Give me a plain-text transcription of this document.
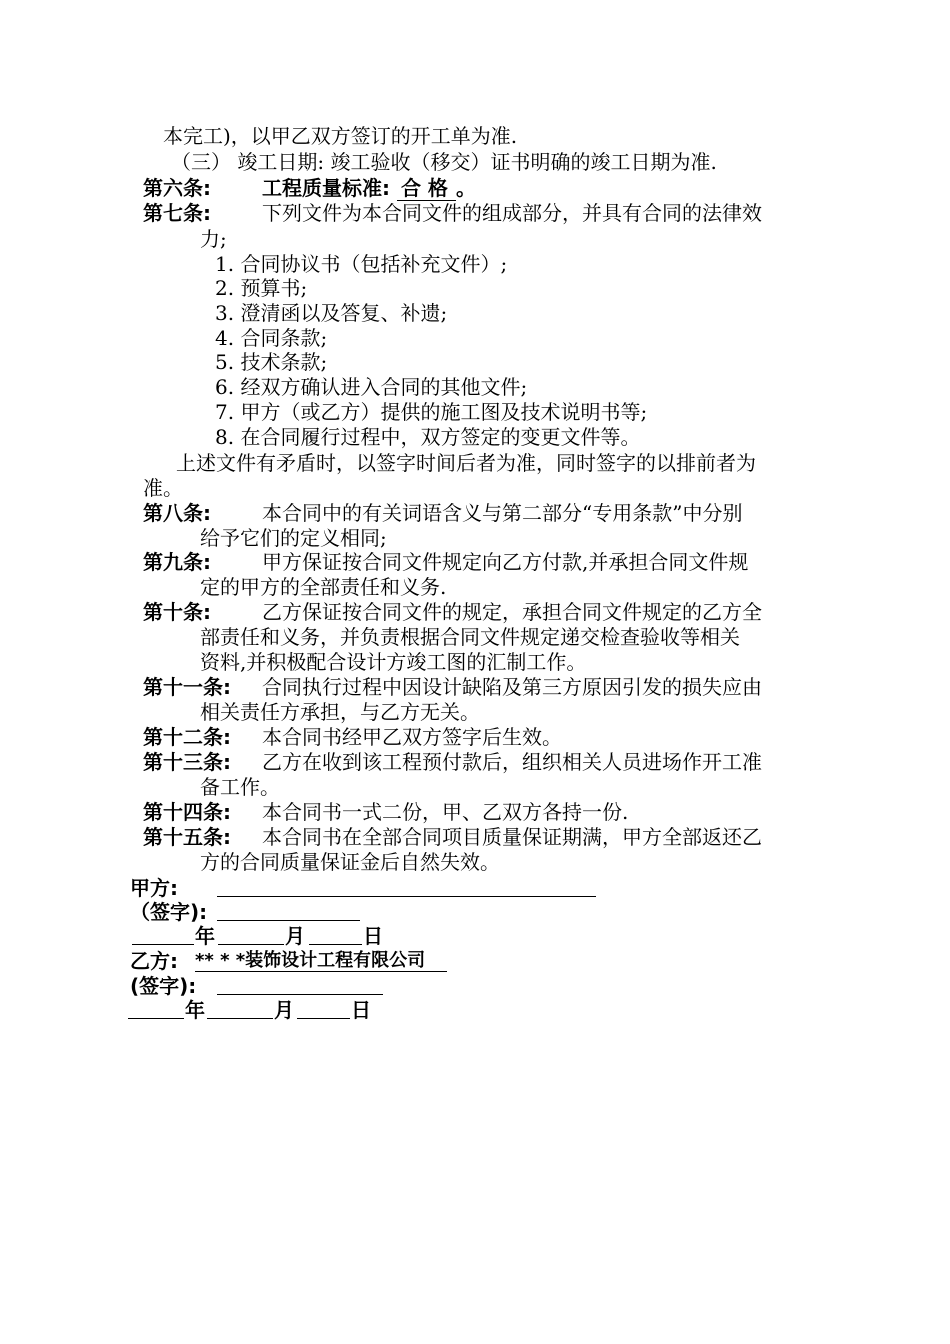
本完工)，以甲乙双方签订的开工单为准.
（三） 竣工日期: 竣工验收（移交）证书明确的竣工日期为准.
第六条:	工程质量标准: 合 格 。
第七条:	下列文件为本合同文件的组成部分，并具有合同的法律效
力;
1. 合同协议书（包括补充文件）;
2. 预算书;
3. 澄清函以及答复、补遗;
4. 合同条款;
5. 技术条款;
6. 经双方确认进入合同的其他文件;
7. 甲方（或乙方）提供的施工图及技术说明书等;
8. 在合同履行过程中，双方签定的变更文件等。
上述文件有矛盾时，以签字时间后者为准，同时签字的以排前者为
准。
第八条:	本合同中的有关词语含义与第二部分“专用条款”中分别
给予它们的定义相同;
第九条:	甲方保证按合同文件规定向乙方付款,并承担合同文件规
定的甲方的全部责任和义务.
第十条:	乙方保证按合同文件的规定，承担合同文件规定的乙方全
部责任和义务，并负责根据合同文件规定递交检查验收等相关
资料,并积极配合设计方竣工图的汇制工作。
第十一条: 合同执行过程中因设计缺陷及第三方原因引发的损失应由
相关责任方承担，与乙方无关。
第十二条: 本合同书经甲乙双方签字后生效。
第十三条: 乙方在收到该工程预付款后，组织相关人员进场作开工准
备工作。
第十四条: 本合同书一式二份，甲、乙双方各持一份.
第十五条: 本合同书在全部合同项目质量保证期满，甲方全部返还乙
方的合同质量保证金后自然失效。
甲方:
（签字):
年	月	日
乙方: ** * *装饰设计工程有限公司
(签字):
年	月	日
